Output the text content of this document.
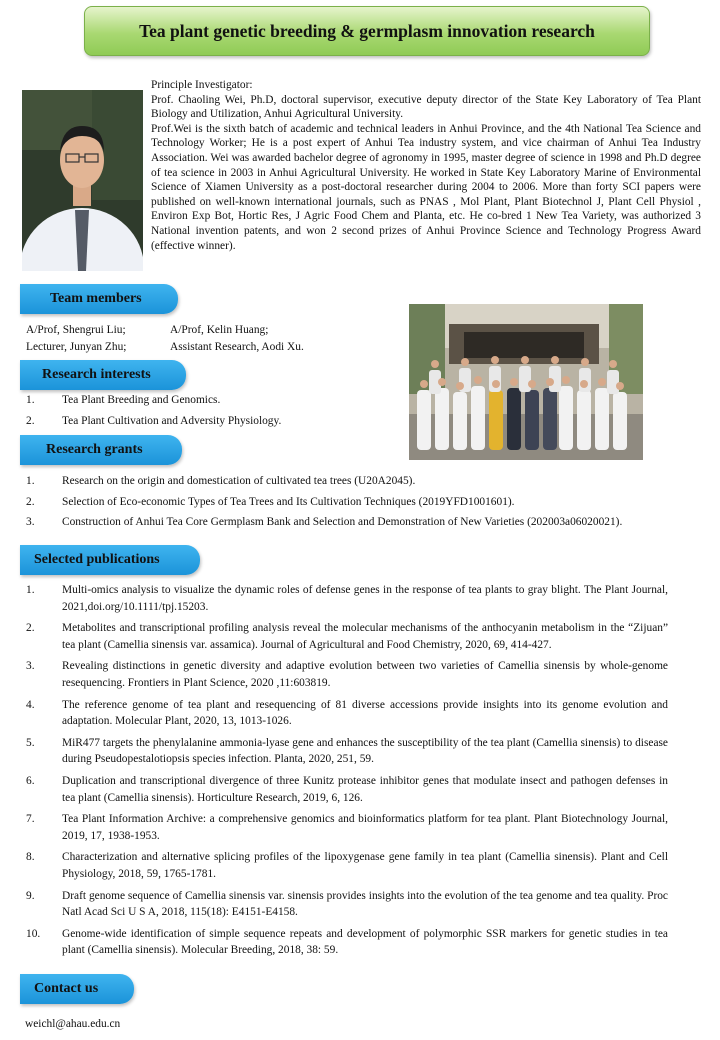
Tea plant genetic breeding & germplasm innovation research

Principle Investigator:

Prof. Chaoling Wei, Ph.D, doctoral supervisor, executive deputy director of the State Key Laboratory of Tea Plant Biology and Utilization, Anhui Agricultural University.

Prof.Wei is the sixth batch of academic and technical leaders in Anhui Province, and the 4th National Tea Science and Technology Worker; He is a post expert of Anhui Tea industry system, and vice chairman of Anhui Tea Industry Association. Wei was awarded bachelor degree of agronomy in 1995, master degree of science in 1998 and Ph.D degree of tea science in 2003 in Anhui Agricultural University. He worked in State Key Laboratory Marine of Environmental Science of Xiamen University as a post-doctoral researcher during 2004 to 2006. More than forty SCI papers were published on well-known international journals, such as PNAS , Mol Plant, Plant Biotechnol J, Plant Cell Physiol , Environ Exp Bot, Hortic Res, J Agric Food Chem and Planta, etc. He co-bred 1 New Tea Variety, was authorized 3 National invention patents, and won 2 second prizes of Anhui Province Science and Technology Progress Award (effective winner).

Team members
A/Prof, Shengrui Liu;	A/Prof, Kelin Huang;
Lecturer, Junyan Zhu;	Assistant Research, Aodi Xu.
Research interests
1.	Tea Plant Breeding and Genomics.
2.	Tea Plant Cultivation and Adversity Physiology.
Research grants
1.	Research on the origin and domestication of cultivated tea trees (U20A2045).
2.	Selection of Eco-economic Types of Tea Trees and Its Cultivation Techniques (2019YFD1001601).
3.	Construction of Anhui Tea Core Germplasm Bank and Selection and Demonstration of New Varieties (202003a06020021).
Selected publications
1.	Multi-omics analysis to visualize the dynamic roles of defense genes in the response of tea plants to gray blight. The Plant Journal, 2021,doi.org/10.1111/tpj.15203.
2.	Metabolites and transcriptional profiling analysis reveal the molecular mechanisms of the anthocyanin metabolism in the “Zijuan” tea plant (Camellia sinensis var. assamica). Journal of Agricultural and Food Chemistry, 2020, 69, 414-427.
3.	Revealing distinctions in genetic diversity and adaptive evolution between two varieties of Camellia sinensis by whole-genome resequencing. Frontiers in Plant Science, 2020 ,11:603819.
4.	The reference genome of tea plant and resequencing of 81 diverse accessions provide insights into its genome evolution and adaptation. Molecular Plant, 2020, 13, 1013-1026.
5.	MiR477 targets the phenylalanine ammonia-lyase gene and enhances the susceptibility of the tea plant (Camellia sinensis) to disease during Pseudopestalotiopsis species infection. Planta, 2020, 251, 59.
6.	Duplication and transcriptional divergence of three Kunitz protease inhibitor genes that modulate insect and pathogen defenses in tea plant (Camellia sinensis). Horticulture Research, 2019, 6, 126.
7.	Tea Plant Information Archive: a comprehensive genomics and bioinformatics platform for tea plant. Plant Biotechnology Journal, 2019, 17, 1938-1953.
8.	Characterization and alternative splicing profiles of the lipoxygenase gene family in tea plant (Camellia sinensis). Plant and Cell Physiology, 2018, 59, 1765-1781.
9.	Draft genome sequence of Camellia sinensis var. sinensis provides insights into the evolution of the tea genome and tea quality. Proc Natl Acad Sci U S A, 2018, 115(18): E4151-E4158.
10.	Genome-wide identification of simple sequence repeats and development of polymorphic SSR markers for genetic studies in tea plant (Camellia sinensis). Molecular Breeding, 2018, 38: 59.
Contact us
weichl@ahau.edu.cn
